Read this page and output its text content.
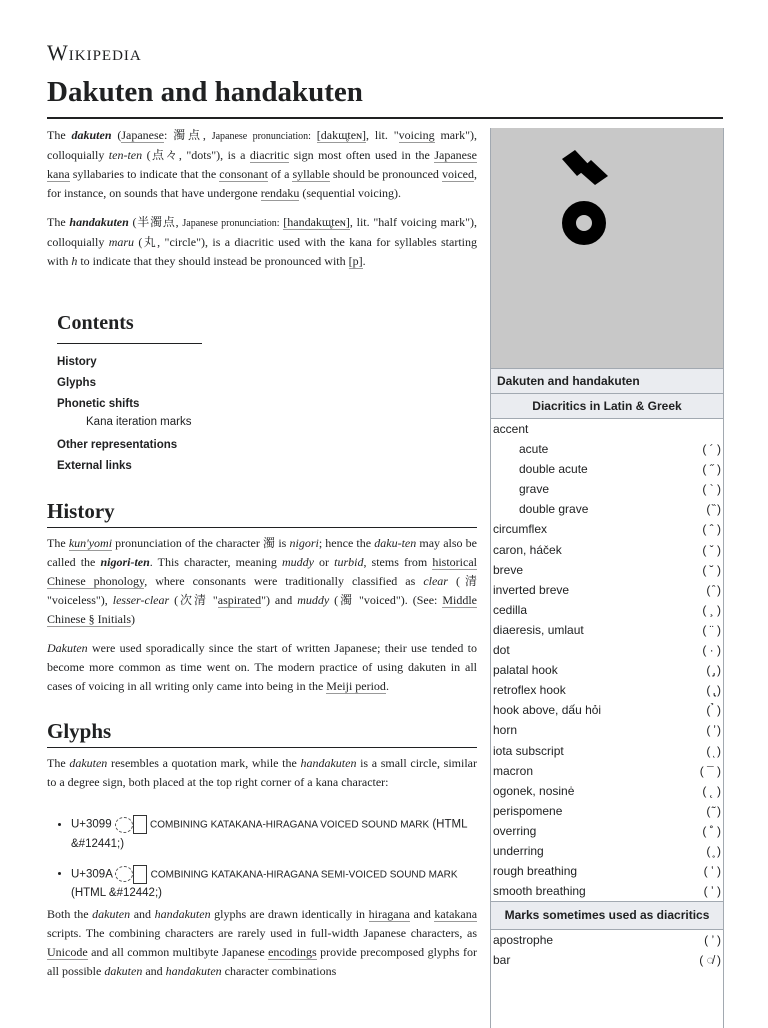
Wikipedia
Dakuten and handakuten

The dakuten (Japanese: 濁点, Japanese pronunciation: [dakɯ̥teɴ], lit. "voicing mark"), colloquially ten-ten (点々, "dots"), is a diacritic sign most often used in the Japanese kana syllabaries to indicate that the consonant of a syllable should be pronounced voiced, for instance, on sounds that have undergone rendaku (sequential voicing).

The handakuten (半濁点, Japanese pronunciation: [handakɯ̥teɴ], lit. "half voicing mark"), colloquially maru (丸, "circle"), is a diacritic used with the kana for syllables starting with h to indicate that they should instead be pronounced with [p].

Contents
History
Glyphs
Phonetic shifts
Kana iteration marks
Other representations
External links
History

The kun'yomi pronunciation of the character 濁 is nigori; hence the daku-ten may also be called the nigori-ten. This character, meaning muddy or turbid, stems from historical Chinese phonology, where consonants were traditionally classified as clear (清 "voiceless"), lesser-clear (次清 "aspirated") and muddy (濁 "voiced"). (See: Middle Chinese § Initials)

Dakuten were used sporadically since the start of written Japanese; their use tended to become more common as time went on. The modern practice of using dakuten in all cases of voicing in all writing only came into being in the Meiji period.

Glyphs

The dakuten resembles a quotation mark, while the handakuten is a small circle, similar to a degree sign, both placed at the top right corner of a kana character:

• U+3099	COMBINING KATAKANA-HIRAGANA VOICED SOUND MARK (HTML &#12441;)
• U+309A	COMBINING KATAKANA-HIRAGANA SEMI-VOICED SOUND MARK (HTML &#12442;)

Both the dakuten and handakuten glyphs are drawn identically in hiragana and katakana scripts. The combining characters are rarely used in full-width Japanese characters, as Unicode and all common multibyte Japanese encodings provide precomposed glyphs for all possible dakuten and handakuten character combinations

Dakuten and handakuten
Diacritics in Latin & Greek
accent
acute	( ´ )
double acute	( ˝ )
grave	( ` )
double grave	( ̏ )
circumflex	( ˆ )
caron, háček	( ˇ )
breve	( ˘ )
inverted breve	( ̑ )
cedilla	( ¸ )
diaeresis, umlaut	( ¨ )
dot	( · )
palatal hook	( ̡ )
retroflex hook	( ̢ )
hook above, dấu hỏi	( ̉ )
horn	( ̛ )
iota subscript	( ͅ )
macron	( ¯ )
ogonek, nosinė	( ˛ )
perispomene	( ͂ )
overring	( ˚ )
underring	( ̥ )
rough breathing	( ʽ )
smooth breathing	( ʼ )
Marks sometimes used as diacritics
apostrophe	( ’ )
bar	( ◌̸ )
